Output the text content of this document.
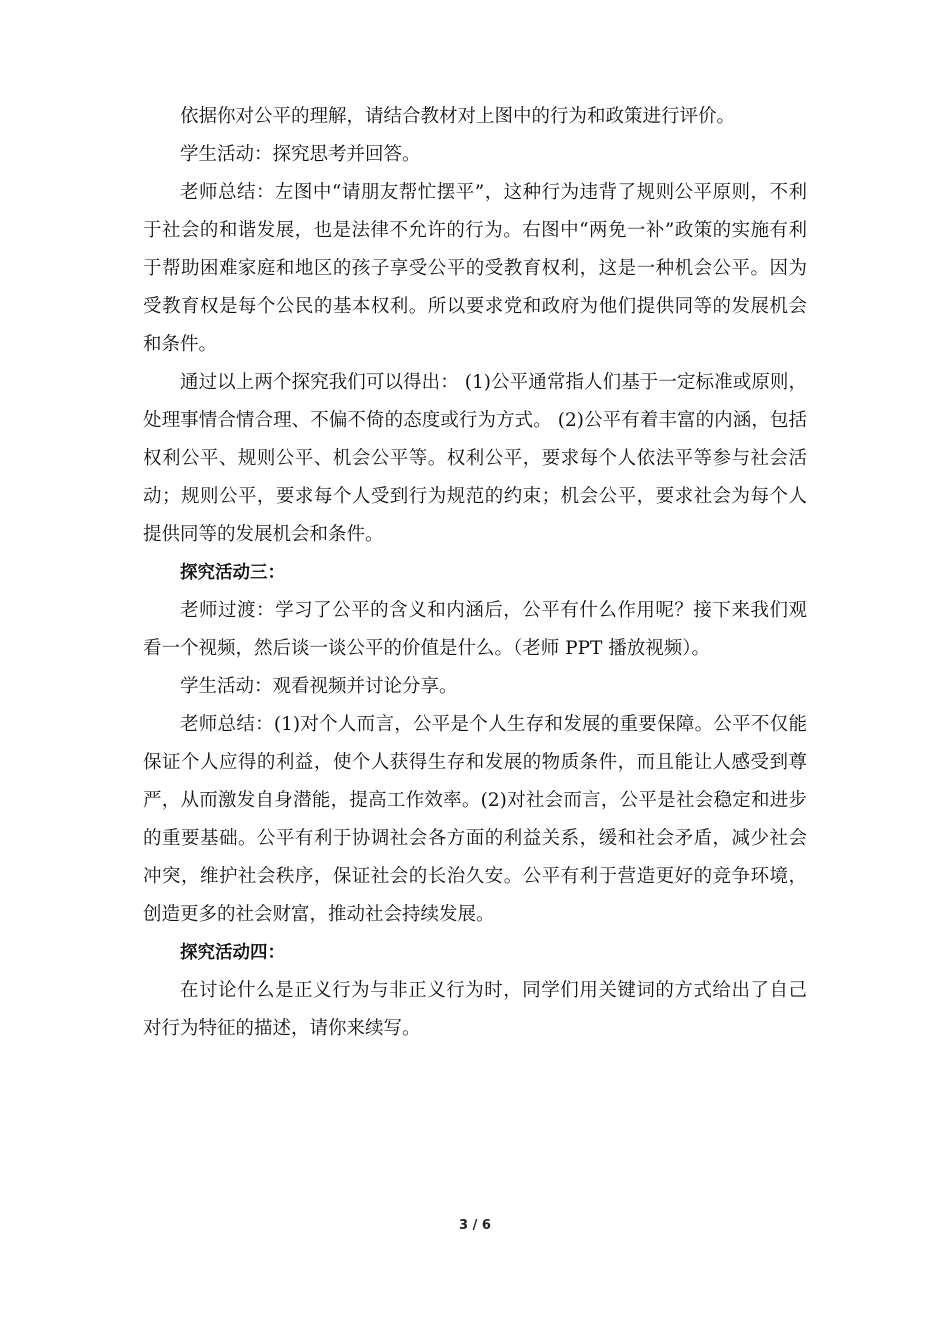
依据你对公平的理解，请结合教材对上图中的行为和政策进行评价。

学生活动：探究思考并回答。

老师总结：左图中“请朋友帮忙摆平”，这种行为违背了规则公平原则，不利于社会的和谐发展，也是法律不允许的行为。右图中“两免一补”政策的实施有利于帮助困难家庭和地区的孩子享受公平的受教育权利，这是一种机会公平。因为受教育权是每个公民的基本权利。所以要求党和政府为他们提供同等的发展机会和条件。

通过以上两个探究我们可以得出： (1)公平通常指人们基于一定标准或原则，处理事情合情合理、不偏不倚的态度或行为方式。 (2)公平有着丰富的内涵，包括权利公平、规则公平、机会公平等。权利公平，要求每个人依法平等参与社会活动；规则公平，要求每个人受到行为规范的约束；机会公平，要求社会为每个人提供同等的发展机会和条件。

探究活动三：

老师过渡：学习了公平的含义和内涵后，公平有什么作用呢？接下来我们观看一个视频，然后谈一谈公平的价值是什么。（老师 PPT 播放视频）。

学生活动：观看视频并讨论分享。

老师总结：(1)对个人而言，公平是个人生存和发展的重要保障。公平不仅能保证个人应得的利益，使个人获得生存和发展的物质条件，而且能让人感受到尊严，从而激发自身潜能，提高工作效率。(2)对社会而言，公平是社会稳定和进步的重要基础。公平有利于协调社会各方面的利益关系，缓和社会矛盾，减少社会冲突，维护社会秩序，保证社会的长治久安。公平有利于营造更好的竞争环境，创造更多的社会财富，推动社会持续发展。

探究活动四：

在讨论什么是正义行为与非正义行为时，同学们用关键词的方式给出了自己对行为特征的描述，请你来续写。

3 / 6
